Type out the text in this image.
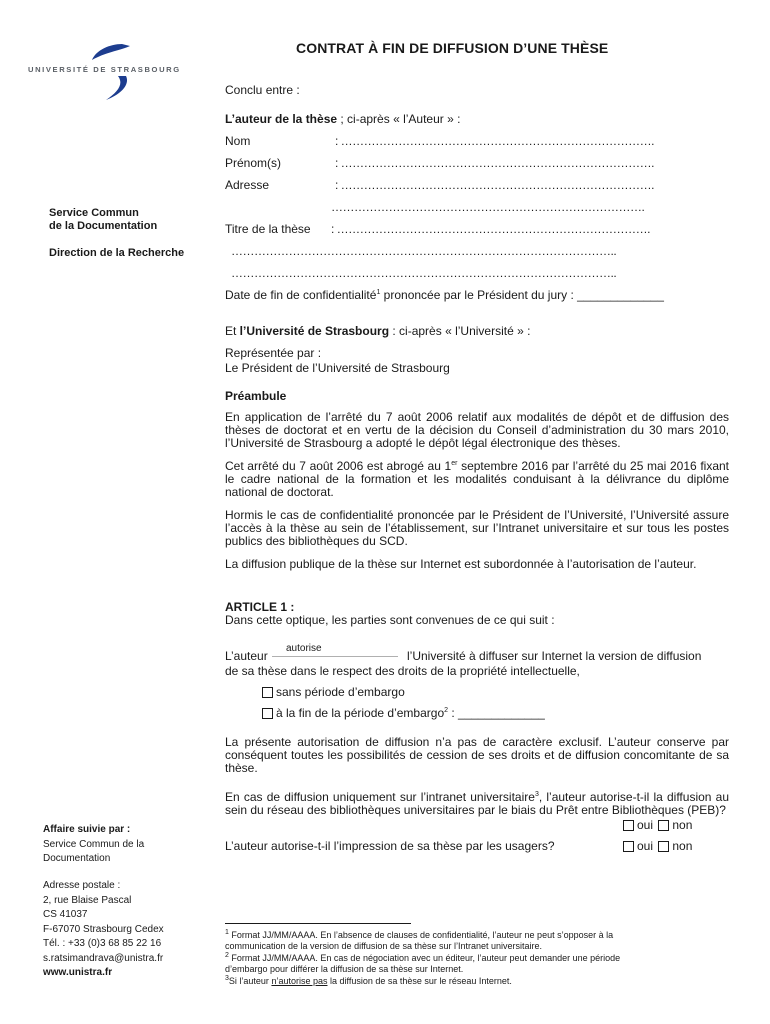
UNIVERSITÉ DE STRASBOURG
Service Commun
de la Documentation
Direction de la Recherche
Affaire suivie par :
Service Commun de la
Documentation
Adresse postale :
2, rue Blaise Pascal
CS 41037
F-67070 Strasbourg Cedex
Tél. : +33 (0)3 68 85 22 16
s.ratsimandrava@unistra.fr
www.unistra.fr
CONTRAT À FIN DE DIFFUSION D’UNE THÈSE
Conclu entre :
L’auteur de la thèse ; ci-après « l’Auteur » :
Nom	: ……………………………………………………………………….
Prénom(s)	: ……………………………………………………………………….
Adresse	: ……………………………………………………………………….
……………………………………………………………………….
Titre de la thèse : ……………………………………………………………………….
………………………………………………………………………………………..
………………………………………………………………………………………..
Date de fin de confidentialité$^1$ prononcée par le Président du jury : _____________
Et l’Université de Strasbourg : ci-après « l’Université » :
Représentée par :
Le Président de l’Université de Strasbourg
Préambule
En application de l’arrêté du 7 août 2006 relatif aux modalités de dépôt et de diffusion des thèses de doctorat et en vertu de la décision du Conseil d’administration du 30 mars 2010, l’Université de Strasbourg a adopté le dépôt légal électronique des thèses.
Cet arrêté du 7 août 2006 est abrogé au 1er septembre 2016 par l’arrêté du 25 mai 2016 fixant le cadre national de la formation et les modalités conduisant à la délivrance du diplôme national de doctorat.
Hormis le cas de confidentialité prononcée par le Président de l’Université, l’Université assure l’accès à la thèse au sein de l’établissement, sur l’Intranet universitaire et sur tous les postes publics des bibliothèques du SCD.
La diffusion publique de la thèse sur Internet est subordonnée à l’autorisation de l’auteur.
ARTICLE 1 :
Dans cette optique, les parties sont convenues de ce qui suit :
L’auteur
autorise
l’Université à diffuser sur Internet la version de diffusion
de sa thèse dans le respect des droits de la propriété intellectuelle,
sans période d’embargo
à la fin de la période d’embargo$^2$ : _____________
La présente autorisation de diffusion n’a pas de caractère exclusif. L’auteur conserve par conséquent toutes les possibilités de cession de ses droits et de diffusion concomitante de sa thèse.
En cas de diffusion uniquement sur l’intranet universitaire$^3$, l’auteur autorise-t-il la diffusion au sein du réseau des bibliothèques universitaires par le biais du Prêt entre Bibliothèques (PEB)?
oui non
L’auteur autorise-t-il l’impression de sa thèse par les usagers?	oui non
$^1$ Format JJ/MM/AAAA. En l’absence de clauses de confidentialité, l’auteur ne peut s’opposer à la
communication de la version de diffusion de sa thèse sur l’Intranet universitaire.
$^2$ Format JJ/MM/AAAA. En cas de négociation avec un éditeur, l’auteur peut demander une période
d’embargo pour différer la diffusion de sa thèse sur Internet.
$^3$Si l’auteur n’autorise pas la diffusion de sa thèse sur le réseau Internet.
